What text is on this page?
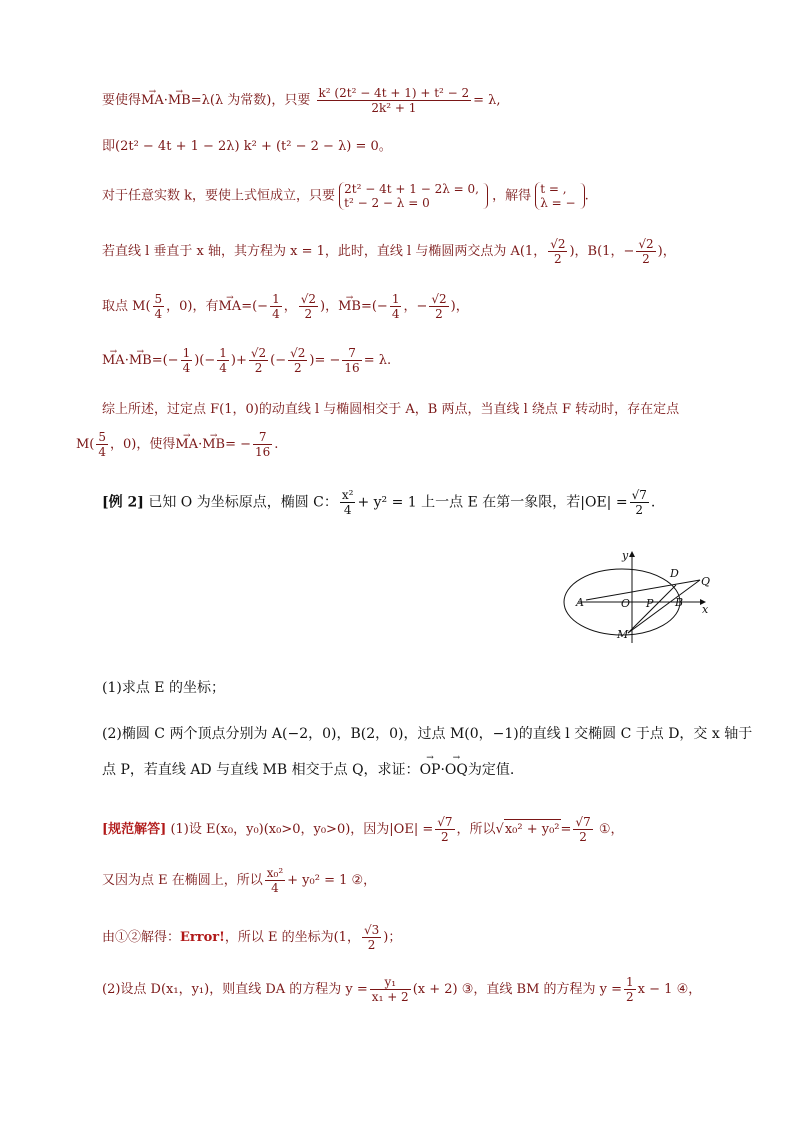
要使得→ MA·→ MB=λ(λ 为常数)，只要 $\frac{\text{k² (2t² − 4t + 1) + t² − 2}}{\text{2k² + 1}} = \lambda$,
即(2t² − 4t + 1 − 2λ) k² + (t² − 2 − λ) = 0。
对于任意实数 k，要使上式恒成立，只要 2t² − 4t + 1 − 2λ = 0,
t² − 2 − λ = 0	，解得 t = ,
λ = − .
若直线 l 垂直于 x 轴，其方程为 x = 1，此时，直线 l 与椭圆两交点为 A(1， $\frac{√2}{2}$ )，B(1，− $\frac{√2}{2}$ )，
取点 $M( \frac{5}{4}$ ，0)，有→ $MA=(- \frac{1}{4}$ ， $\frac{√2}{2}$ )，→ $MB=(- \frac{1}{4}$ ，− $\frac{√2}{2}$ )，
→ $MA\cdot\to MB=(- \frac{1}{4}$ )(− $\frac{1}{4}$ )+ $\frac{√2}{2}$ (− $\frac{√2}{2}$ )= − $\frac{7}{16} = \lambda$.
综上所述，过定点 F(1，0)的动直线 l 与椭圆相交于 A，B 两点，当直线 l 绕点 F 转动时，存在定点
$M( \frac{5}{4}$ ，0)，使得→ $MA\cdot\to MB= - \frac{7}{16}$ .
[例 2] 已知 O 为坐标原点，椭圆 C： $\frac{\text{x²}}{4} + y^2 = 1$ 上一点 E 在第一象限，若$|OE| = \frac{√7}{2}$ .
y
x
A	O P B
D
Q
M
(1)求点 E 的坐标；
(2)椭圆 C 两个顶点分别为 A(−2，0)，B(2，0)，过点 M(0，−1)的直线 l 交椭圆 C 于点 D，交 x 轴于
点 P，若直线 AD 与直线 MB 相交于点 Q，求证：→ OP·→ OQ为定值.
[规范解答] (1)设 E(x₀，y₀)(x₀>0，y₀>0)，因为$|OE| = \frac{√7}{2}$ ，所以$√x_0^2 + y_0^2= \frac{√7}{2}$ ①，
又因为点 E 在椭圆上，所以 $\frac{\text{x₀²}}{4} + y_0^2 = 1$ ②，
由①②解得：Error!，所以 E 的坐标为(1， $\frac{√3}{2}$ )；
(2)设点 D(x₁，y₁)，则直线 DA 的方程为 $y = \frac{\text{y₁}}{\text{x₁ + 2}} (x + 2)$ ③，直线 BM 的方程为 $y = \frac{1}{2}$ x − 1 ④，
